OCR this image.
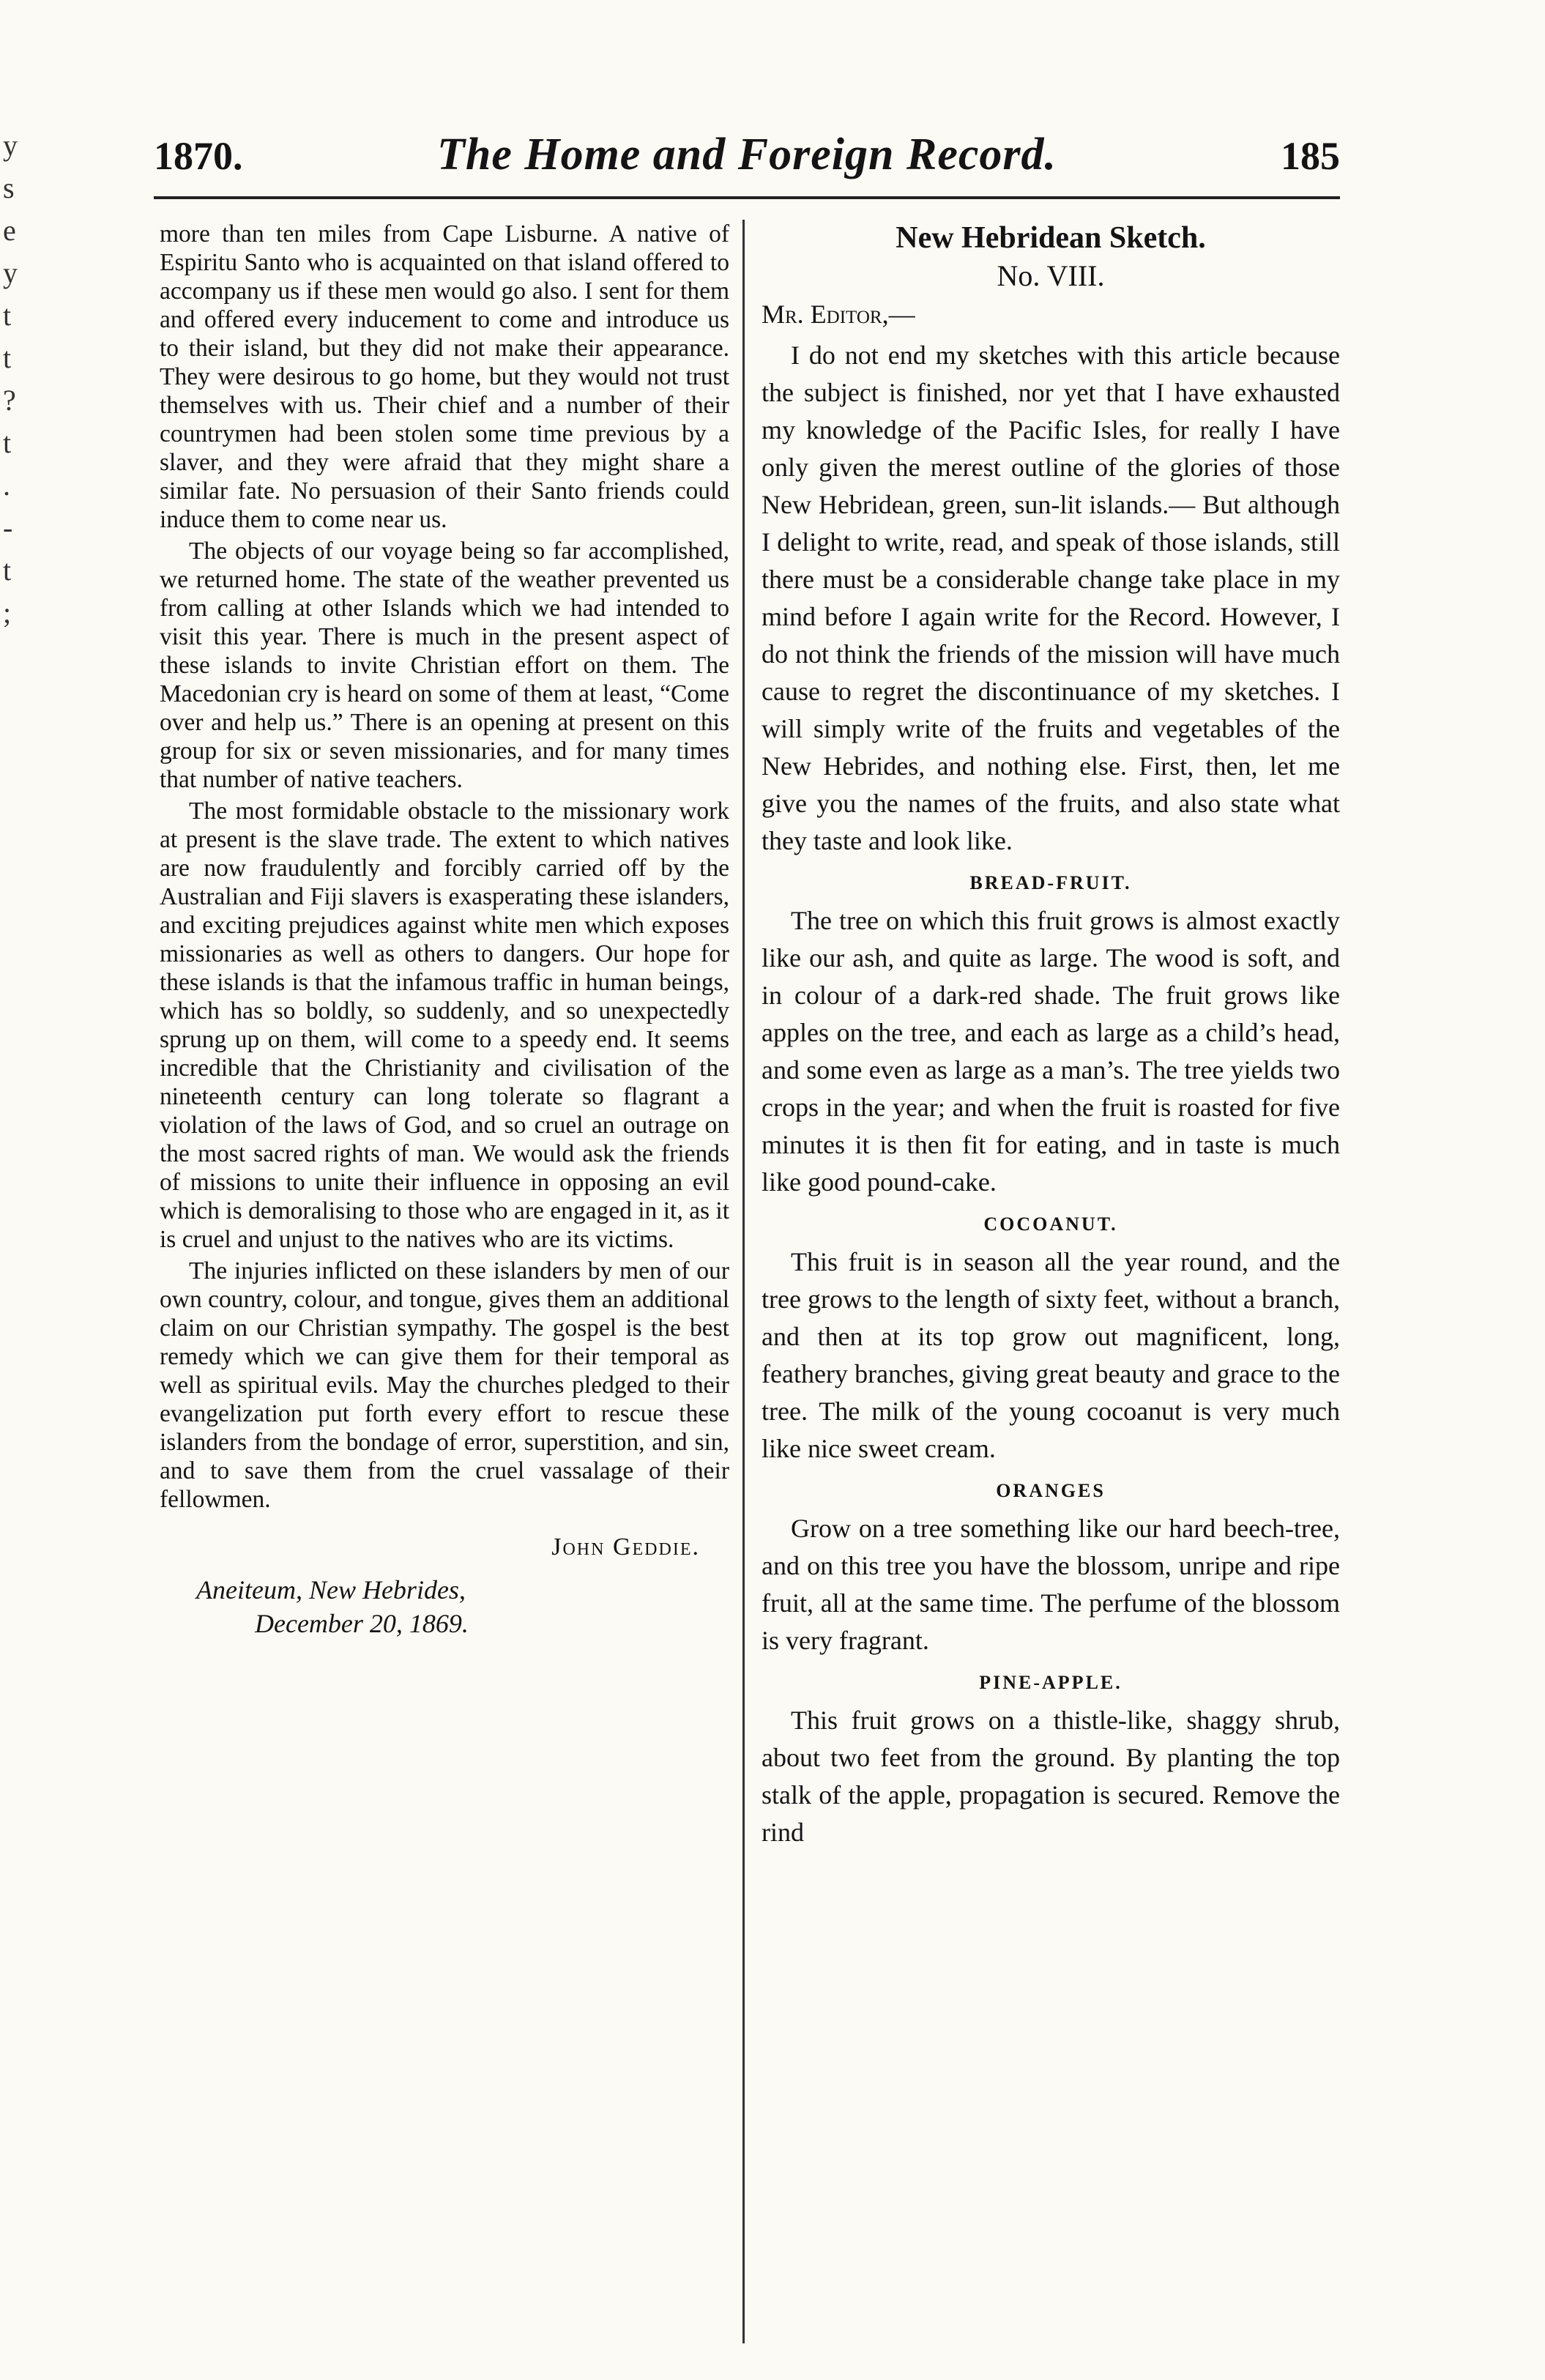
y
s
e
y
t
t
?
t
.
-
t
;
1870.	The Home and Foreign Record.	185

more than ten miles from Cape Lisburne. A native of Espiritu Santo who is acquainted on that island offered to accompany us if these men would go also. I sent for them and offered every inducement to come and introduce us to their island, but they did not make their appearance. They were desirous to go home, but they would not trust themselves with us. Their chief and a number of their countrymen had been stolen some time previous by a slaver, and they were afraid that they might share a similar fate. No persuasion of their Santo friends could induce them to come near us.

The objects of our voyage being so far accomplished, we returned home. The state of the weather prevented us from calling at other Islands which we had intended to visit this year. There is much in the present aspect of these islands to invite Christian effort on them. The Macedonian cry is heard on some of them at least, “Come over and help us.” There is an opening at present on this group for six or seven missionaries, and for many times that number of native teachers.

The most formidable obstacle to the missionary work at present is the slave trade. The extent to which natives are now fraudulently and forcibly carried off by the Australian and Fiji slavers is exasperating these islanders, and exciting prejudices against white men which exposes missionaries as well as others to dangers. Our hope for these islands is that the infamous traffic in human beings, which has so boldly, so suddenly, and so unexpectedly sprung up on them, will come to a speedy end. It seems incredible that the Christianity and civilisation of the nineteenth century can long tolerate so flagrant a violation of the laws of God, and so cruel an outrage on the most sacred rights of man. We would ask the friends of missions to unite their influence in opposing an evil which is demoralising to those who are engaged in it, as it is cruel and unjust to the natives who are its victims.

The injuries inflicted on these islanders by men of our own country, colour, and tongue, gives them an additional claim on our Christian sympathy. The gospel is the best remedy which we can give them for their temporal as well as spiritual evils. May the churches pledged to their evangelization put forth every effort to rescue these islanders from the bondage of error, superstition, and sin, and to save them from the cruel vassalage of their fellowmen.

John Geddie.
Aneiteum, New Hebrides,
December 20, 1869.
New Hebridean Sketch.
No. VIII.
Mr. Editor,—

I do not end my sketches with this article because the subject is finished, nor yet that I have exhausted my knowledge of the Pacific Isles, for really I have only given the merest outline of the glories of those New Hebridean, green, sun-lit islands.— But although I delight to write, read, and speak of those islands, still there must be a considerable change take place in my mind before I again write for the Record. However, I do not think the friends of the mission will have much cause to regret the discontinuance of my sketches. I will simply write of the fruits and vegetables of the New Hebrides, and nothing else. First, then, let me give you the names of the fruits, and also state what they taste and look like.

BREAD-FRUIT.

The tree on which this fruit grows is almost exactly like our ash, and quite as large. The wood is soft, and in colour of a dark-red shade. The fruit grows like apples on the tree, and each as large as a child’s head, and some even as large as a man’s. The tree yields two crops in the year; and when the fruit is roasted for five minutes it is then fit for eating, and in taste is much like good pound-cake.

COCOANUT.

This fruit is in season all the year round, and the tree grows to the length of sixty feet, without a branch, and then at its top grow out magnificent, long, feathery branches, giving great beauty and grace to the tree. The milk of the young cocoanut is very much like nice sweet cream.

ORANGES

Grow on a tree something like our hard beech-tree, and on this tree you have the blossom, unripe and ripe fruit, all at the same time. The perfume of the blossom is very fragrant.

PINE-APPLE.

This fruit grows on a thistle-like, shaggy shrub, about two feet from the ground. By planting the top stalk of the apple, propagation is secured. Remove the rind
